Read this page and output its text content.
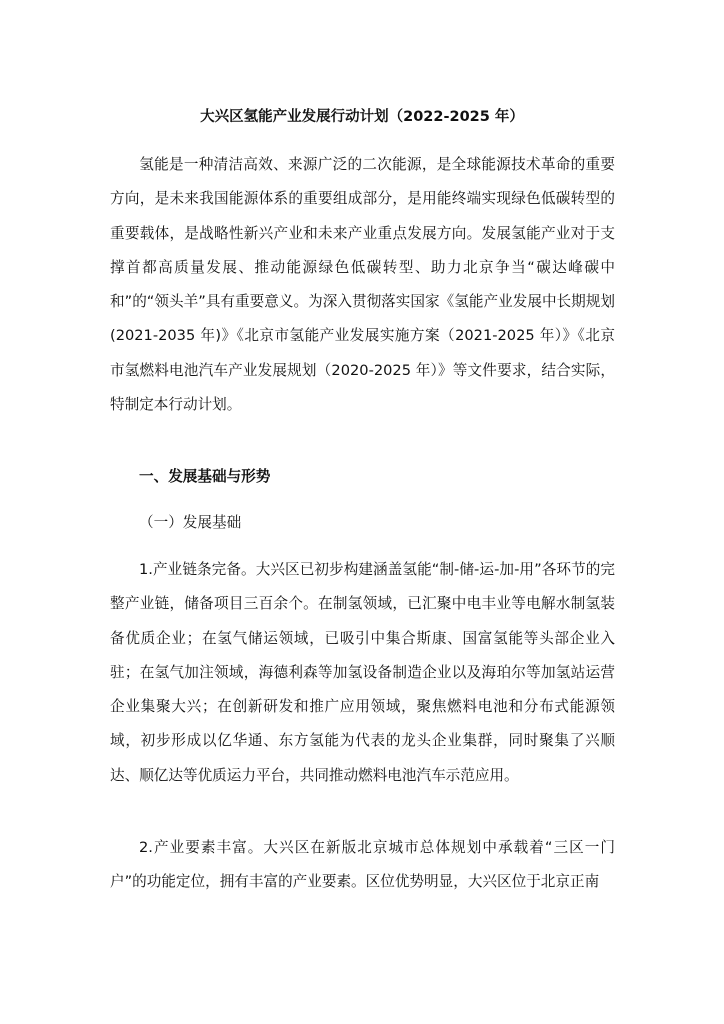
大兴区氢能产业发展行动计划（2022-2025 年）

氢能是一种清洁高效、来源广泛的二次能源，是全球能源技术革命的重要方向，是未来我国能源体系的重要组成部分，是用能终端实现绿色低碳转型的重要载体，是战略性新兴产业和未来产业重点发展方向。发展氢能产业对于支撑首都高质量发展、推动能源绿色低碳转型、助力北京争当“碳达峰碳中和”的“领头羊”具有重要意义。为深入贯彻落实国家《氢能产业发展中长期规划(2021-2035 年)》《北京市氢能产业发展实施方案（2021-2025 年）》《北京市氢燃料电池汽车产业发展规划（2020-2025 年）》等文件要求，结合实际，特制定本行动计划。

一、发展基础与形势
（一）发展基础

1.产业链条完备。大兴区已初步构建涵盖氢能“制-储-运-加-用”各环节的完整产业链，储备项目三百余个。在制氢领域，已汇聚中电丰业等电解水制氢装备优质企业；在氢气储运领域，已吸引中集合斯康、国富氢能等头部企业入驻；在氢气加注领域，海德利森等加氢设备制造企业以及海珀尔等加氢站运营企业集聚大兴；在创新研发和推广应用领域，聚焦燃料电池和分布式能源领域，初步形成以亿华通、东方氢能为代表的龙头企业集群，同时聚集了兴顺达、顺亿达等优质运力平台，共同推动燃料电池汽车示范应用。

2.产业要素丰富。大兴区在新版北京城市总体规划中承载着“三区一门户”的功能定位，拥有丰富的产业要素。区位优势明显，大兴区位于北京正南
